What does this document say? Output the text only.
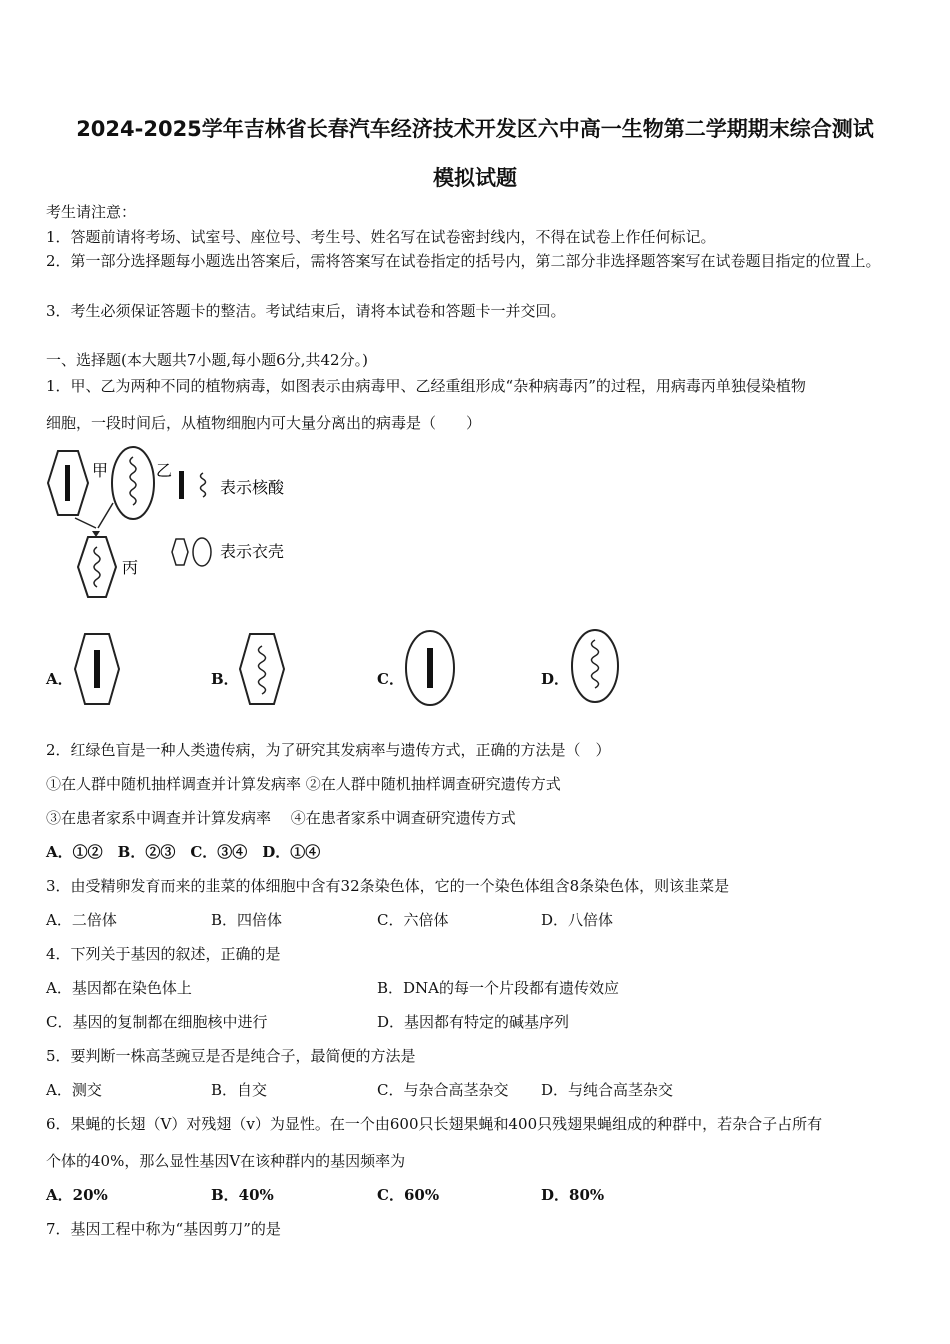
2024-2025学年吉林省长春汽车经济技术开发区六中高一生物第二学期期末综合测试
模拟试题
考生请注意：
1．答题前请将考场、试室号、座位号、考生号、姓名写在试卷密封线内，不得在试卷上作任何标记。
2．第一部分选择题每小题选出答案后，需将答案写在试卷指定的括号内，第二部分非选择题答案写在试卷题目指定的位置上。
3．考生必须保证答题卡的整洁。考试结束后，请将本试卷和答题卡一并交回。
一、选择题(本大题共7小题,每小题6分,共42分。)
1．甲、乙为两种不同的植物病毒，如图表示由病毒甲、乙经重组形成“杂种病毒丙”的过程，用病毒丙单独侵染植物
细胞，一段时间后，从植物细胞内可大量分离出的病毒是（　　）
甲	乙
表示核酸
丙
表示衣壳
A．	B．	C．	D．
2．红绿色盲是一种人类遗传病，为了研究其发病率与遗传方式，正确的方法是（　）
①在人群中随机抽样调查并计算发病率 ②在人群中随机抽样调查研究遗传方式
③在患者家系中调查并计算发病率　 ④在患者家系中调查研究遗传方式
A．①②　B．②③　C．③④　D．①④
3．由受精卵发育而来的韭菜的体细胞中含有32条染色体，它的一个染色体组含8条染色体，则该韭菜是
A．二倍体	B．四倍体	C．六倍体	D．八倍体
4．下列关于基因的叙述，正确的是
A．基因都在染色体上	B．DNA的每一个片段都有遗传效应
C．基因的复制都在细胞核中进行	D．基因都有特定的碱基序列
5．要判断一株高茎豌豆是否是纯合子，最简便的方法是
A．测交	B．自交	C．与杂合高茎杂交 D．与纯合高茎杂交
6．果蝇的长翅（V）对残翅（v）为显性。在一个由600只长翅果蝇和400只残翅果蝇组成的种群中，若杂合子占所有
个体的40%，那么显性基因V在该种群内的基因频率为
A．20%	B．40%	C．60%	D．80%
7．基因工程中称为“基因剪刀”的是
